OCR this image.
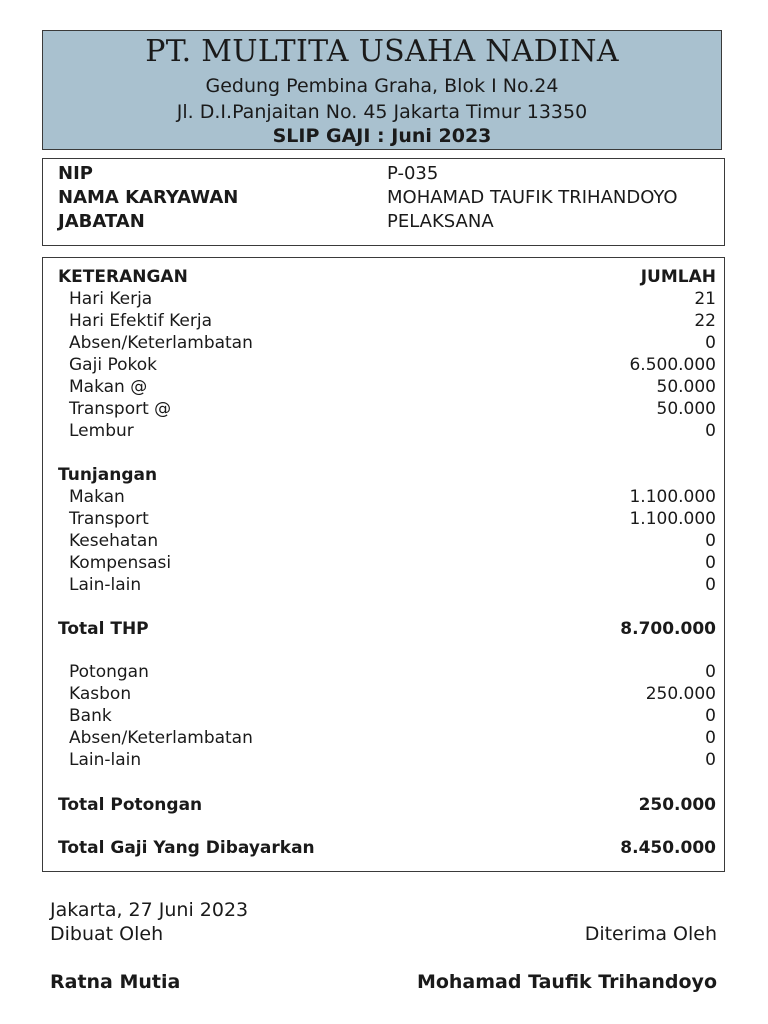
PT. MULTITA USAHA NADINA
Gedung Pembina Graha, Blok I No.24
Jl. D.I.Panjaitan No. 45 Jakarta Timur 13350
SLIP GAJI : Juni 2023
NIP	P-035
NAMA KARYAWAN	MOHAMAD TAUFIK TRIHANDOYO
JABATAN	PELAKSANA
KETERANGAN	JUMLAH
Hari Kerja	21
Hari Efektif Kerja	22
Absen/Keterlambatan	0
Gaji Pokok	6.500.000
Makan @	50.000
Transport @	50.000
Lembur	0
Tunjangan
Makan	1.100.000
Transport	1.100.000
Kesehatan	0
Kompensasi	0
Lain-lain	0
Total THP	8.700.000
Potongan	0
Kasbon	250.000
Bank	0
Absen/Keterlambatan	0
Lain-lain	0
Total Potongan	250.000
Total Gaji Yang Dibayarkan	8.450.000
Jakarta, 27 Juni 2023
Dibuat Oleh	Diterima Oleh
Ratna Mutia	Mohamad Taufik Trihandoyo
